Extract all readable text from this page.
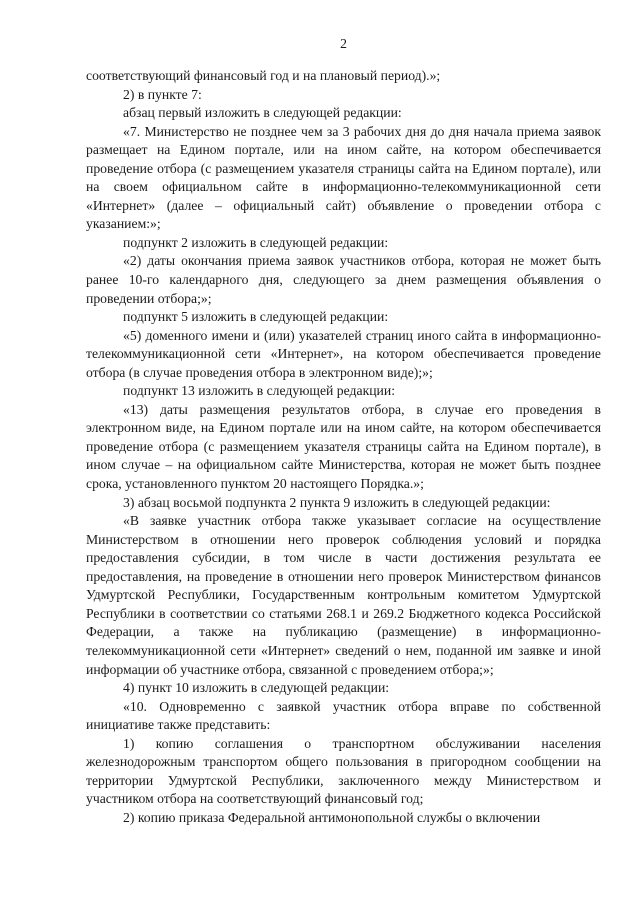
2

соответствующий финансовый год и на плановый период).»;

2) в пункте 7:

абзац первый изложить в следующей редакции:

«7. Министерство не позднее чем за 3 рабочих дня до дня начала приема заявок размещает на Едином портале, или на ином сайте, на котором обеспечивается проведение отбора (с размещением указателя страницы сайта на Едином портале), или на своем официальном сайте в информационно-телекоммуникационной сети «Интернет» (далее – официальный сайт) объявление о проведении отбора с указанием:»;

подпункт 2 изложить в следующей редакции:

«2) даты окончания приема заявок участников отбора, которая не может быть ранее 10-го календарного дня, следующего за днем размещения объявления о проведении отбора;»;

подпункт 5 изложить в следующей редакции:

«5) доменного имени и (или) указателей страниц иного сайта в информационно-телекоммуникационной сети «Интернет», на котором обеспечивается проведение отбора (в случае проведения отбора в электронном виде);»;

подпункт 13 изложить в следующей редакции:

«13) даты размещения результатов отбора, в случае его проведения в электронном виде, на Едином портале или на ином сайте, на котором обеспечивается проведение отбора (с размещением указателя страницы сайта на Едином портале), в ином случае – на официальном сайте Министерства, которая не может быть позднее срока, установленного пунктом 20 настоящего Порядка.»;

3) абзац восьмой подпункта 2 пункта 9 изложить в следующей редакции:

«В заявке участник отбора также указывает согласие на осуществление Министерством в отношении него проверок соблюдения условий и порядка предоставления субсидии, в том числе в части достижения результата ее предоставления, на проведение в отношении него проверок Министерством финансов Удмуртской Республики, Государственным контрольным комитетом Удмуртской Республики в соответствии со статьями 268.1 и 269.2 Бюджетного кодекса Российской Федерации, а также на публикацию (размещение) в информационно-телекоммуникационной сети «Интернет» сведений о нем, поданной им заявке и иной информации об участнике отбора, связанной с проведением отбора;»;

4) пункт 10 изложить в следующей редакции:

«10. Одновременно с заявкой участник отбора вправе по собственной инициативе также представить:

1) копию соглашения о транспортном обслуживании населения железнодорожным транспортом общего пользования в пригородном сообщении на территории Удмуртской Республики, заключенного между Министерством и участником отбора на соответствующий финансовый год;

2) копию приказа Федеральной антимонопольной службы о включении
